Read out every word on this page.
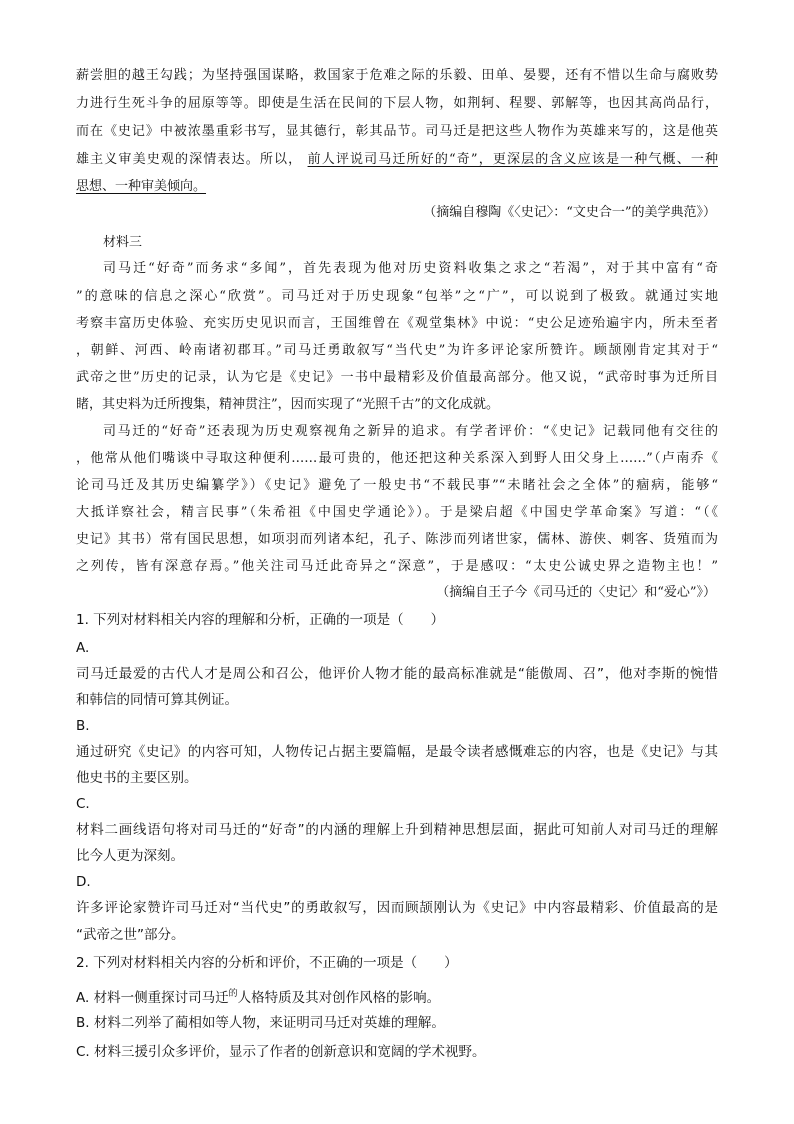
薪尝胆的越王勾践；为坚持强国谋略，救国家于危难之际的乐毅、田单、晏婴，还有不惜以生命与腐败势
力进行生死斗争的屈原等等。即使是生活在民间的下层人物，如荆轲、程婴、郭解等，也因其高尚品行，
而在《史记》中被浓墨重彩书写，显其德行，彰其品节。司马迁是把这些人物作为英雄来写的，这是他英
雄主义审美史观的深情表达。所以， 前人评说司马迁所好的“奇”，更深层的含义应该是一种气概、一种
思想、一种审美倾向。
（摘编自穆陶《〈史记〉：“文史合一”的美学典范》）
材料三
司马迁“好奇”而务求“多闻”，首先表现为他对历史资料收集之求之“若渴”，对于其中富有“奇
”的意味的信息之深心“欣赏”。司马迁对于历史现象“包举”之“广”，可以说到了极致。就通过实地
考察丰富历史体验、充实历史见识而言，王国维曾在《观堂集林》中说：“史公足迹殆遍宇内，所未至者
，朝鲜、河西、岭南诸初郡耳。”司马迁勇敢叙写“当代史”为许多评论家所赞许。顾颉刚肯定其对于“
武帝之世”历史的记录，认为它是《史记》一书中最精彩及价值最高部分。他又说，“武帝时事为迁所目
睹，其史料为迁所搜集，精神贯注”，因而实现了“光照千古”的文化成就。
司马迁的“好奇”还表现为历史观察视角之新异的追求。有学者评价：“《史记》记载同他有交往的
，他常从他们嘴谈中寻取这种便利……最可贵的，他还把这种关系深入到野人田父身上……”（卢南乔《
论司马迁及其历史编纂学》）《史记》避免了一般史书“不载民事”“未睹社会之全体”的痼病，能够“
大抵详察社会，精言民事”（朱希祖《中国史学通论》）。于是梁启超《中国史学革命案》写道：“（《
史记》其书）常有国民思想，如项羽而列诸本纪，孔子、陈涉而列诸世家，儒林、游侠、刺客、货殖而为
之列传，皆有深意存焉。”他关注司马迁此奇异之“深意”，于是感叹：“太史公诚史界之造物主也！”
（摘编自王子今《司马迁的〈史记〉和“爱心”》）
1. 下列对材料相关内容的理解和分析，正确的一项是（　　）
A.
司马迁最爱的古代人才是周公和召公，他评价人物才能的最高标准就是“能傲周、召”，他对李斯的惋惜
和韩信的同情可算其例证。
B.
通过研究《史记》的内容可知，人物传记占据主要篇幅，是最令读者感慨难忘的内容，也是《史记》与其
他史书的主要区别。
C.
材料二画线语句将对司马迁的“好奇”的内涵的理解上升到精神思想层面，据此可知前人对司马迁的理解
比今人更为深刻。
D.
许多评论家赞许司马迁对“当代史”的勇敢叙写，因而顾颉刚认为《史记》中内容最精彩、价值最高的是
“武帝之世”部分。
2. 下列对材料相关内容的分析和评价，不正确的一项是（　　）
A. 材料一侧重探讨司马迁$^的$人格特质及其对创作风格的影响。
B. 材料二列举了蔺相如等人物，来证明司马迁对英雄的理解。
C. 材料三援引众多评价，显示了作者的创新意识和宽阔的学术视野。
